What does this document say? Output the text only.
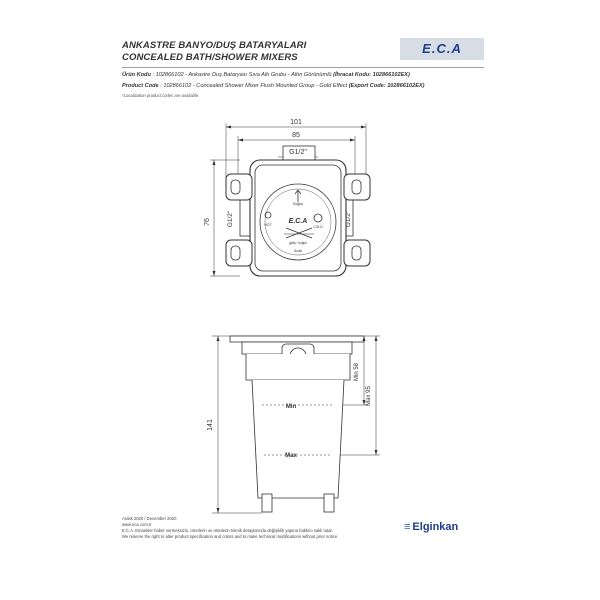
ANKASTRE BANYO/DUŞ BATARYALARI
CONCEALED BATH/SHOWER MIXERS
E.C.A
Ürün Kodu : 102866102 - Ankastre Duş Bataryası Sıva Altı Grubu - Altın Görünümlü (İhracat Kodu: 102866102EX)
Product Code : 102866102 - Concealed Shower Mixer Flush Mounted Group - Gold Effect (Export Code: 102866102EX)
*Localization product codes are available.
101
85
G1/2"
76 G1/2"	G1/2"
Soğuk
E.C.A
HOT	COLD
gidiş / soğuk
Sıcak
141
Min 58
Max 95
Min
Max
Aralık 2020 / December 2020
www.eca.com.tr
E.C.A. Emaekler haber vermeksizin, ürünlerin ve ürünlerin teknik detaylarında değişiklik yapma hakkını saklı tutar.
We reserve the right to alter product specification and colors and to make technical modifications without prior notice.
≡ Elginkan
